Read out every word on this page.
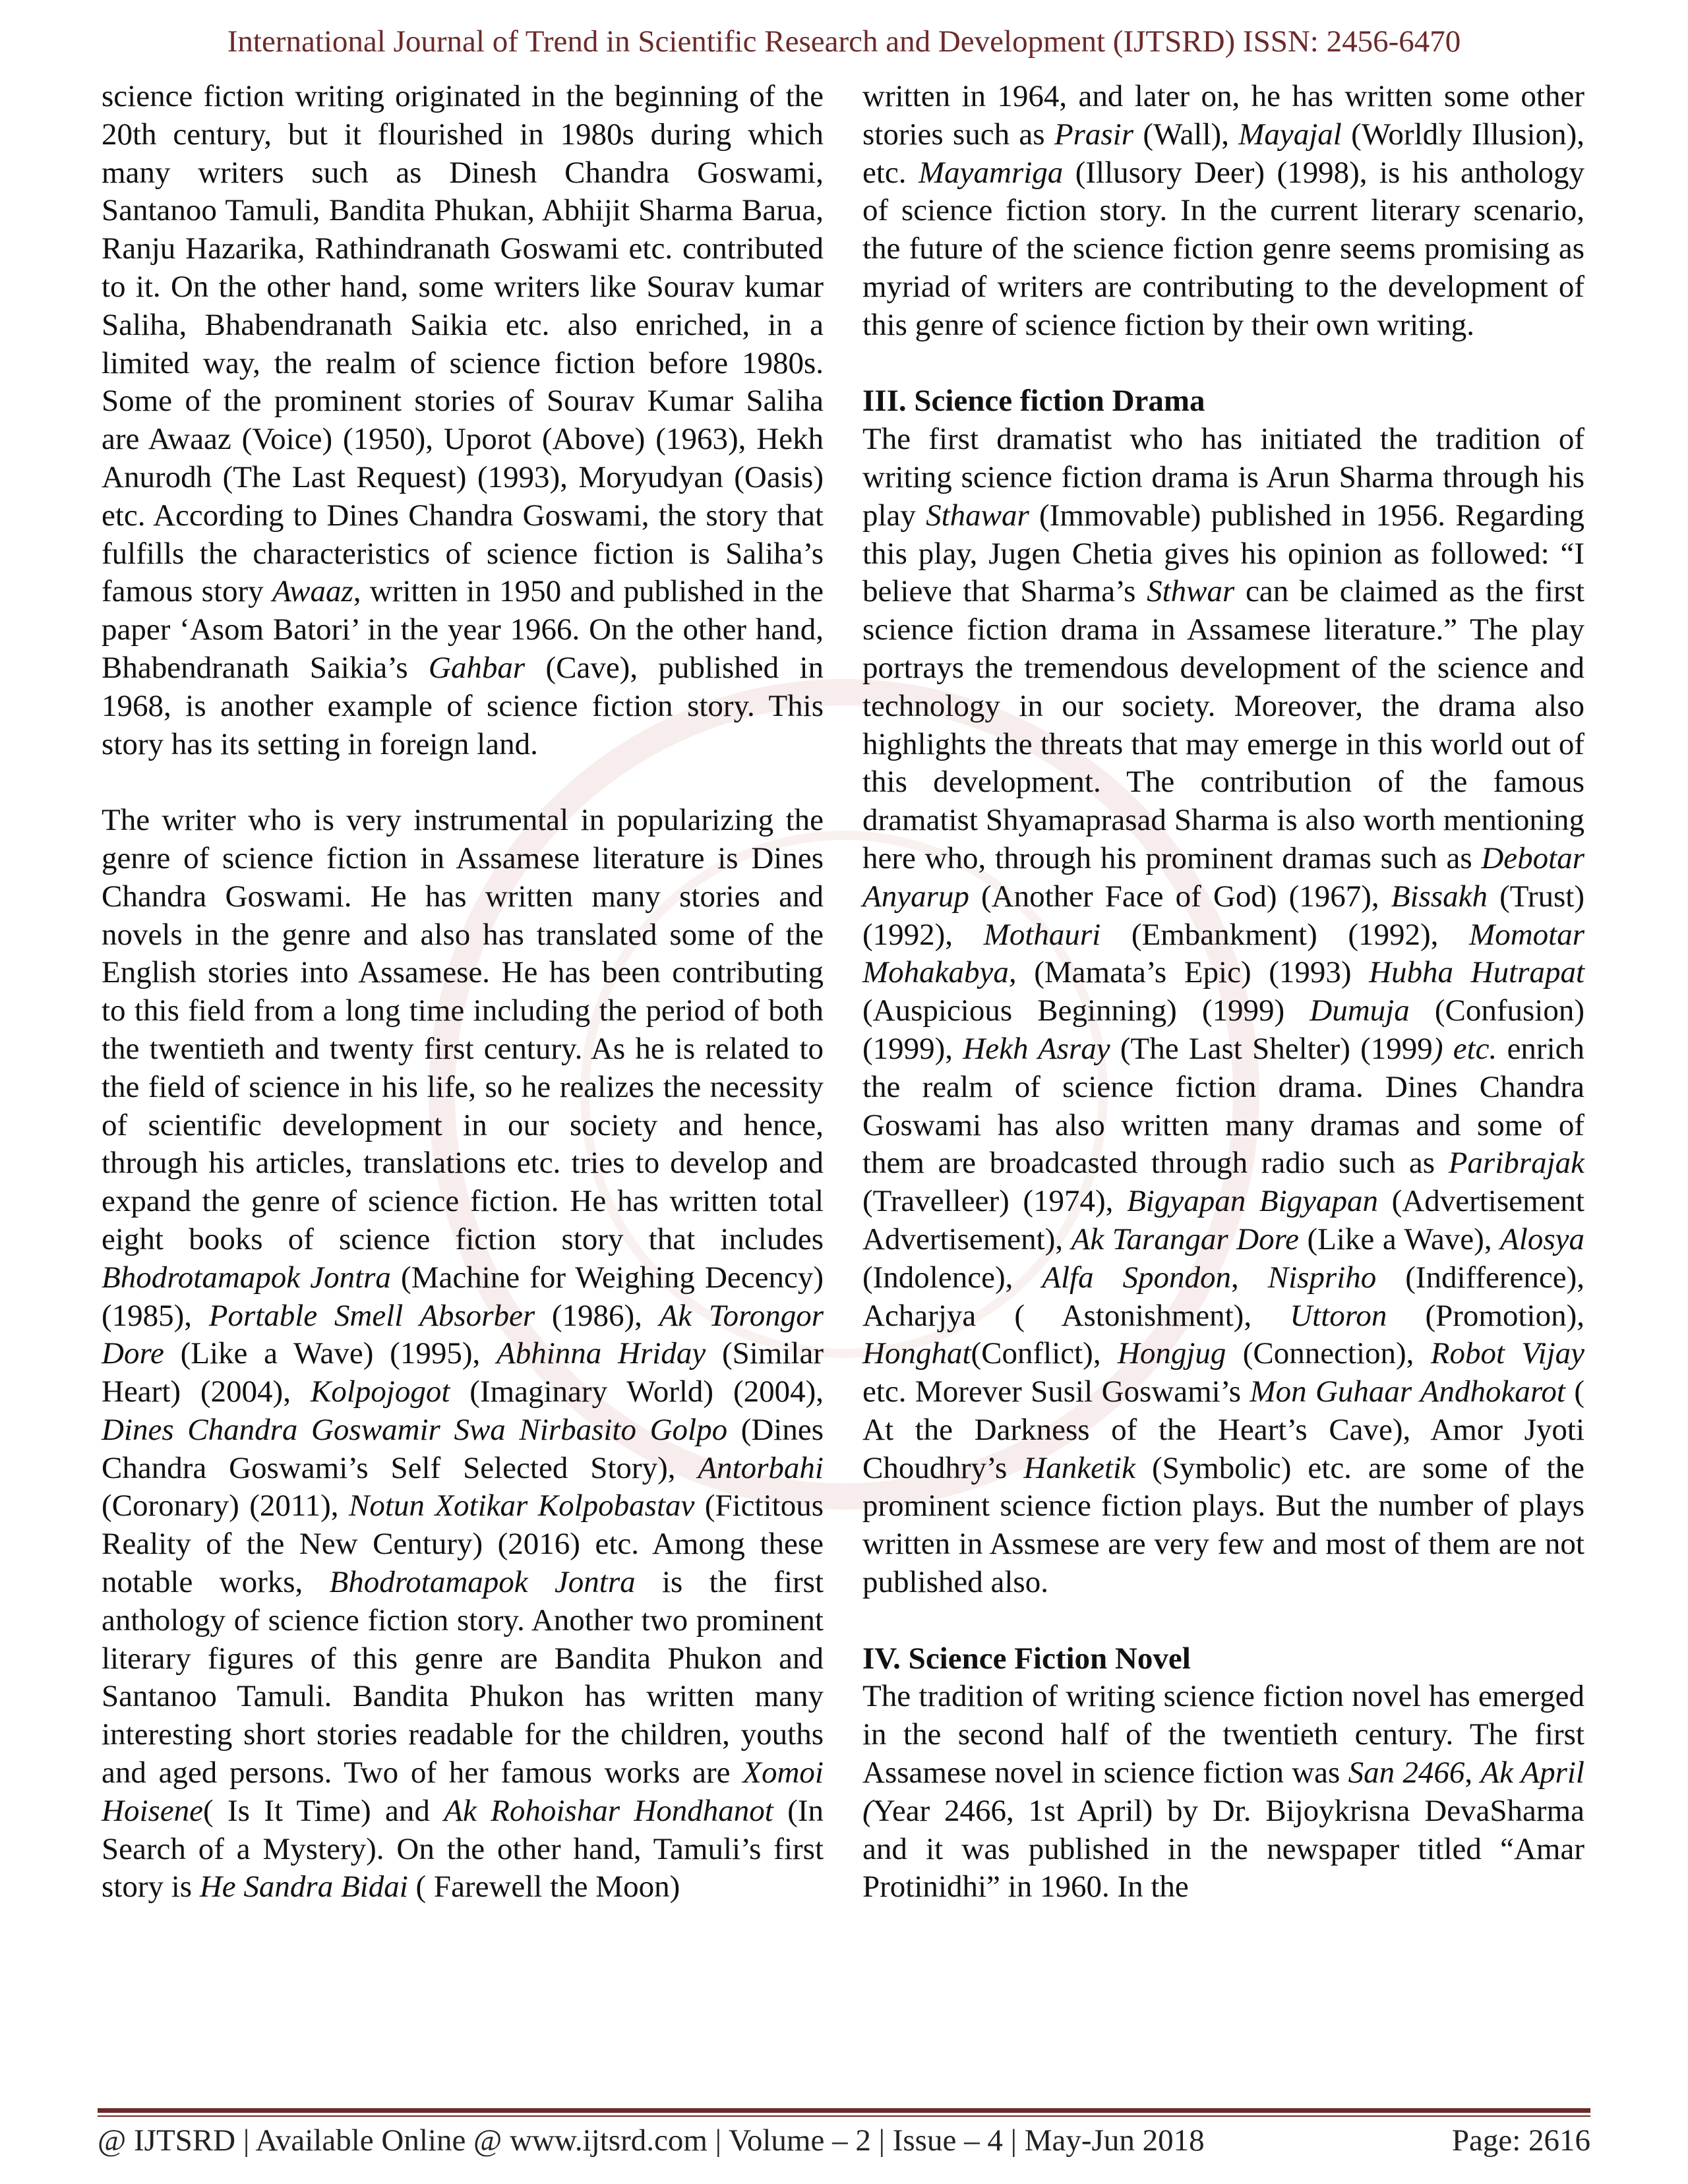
International Journal of Trend in Scientific Research and Development (IJTSRD) ISSN: 2456-6470

science fiction writing originated in the beginning of the 20th century, but it flourished in 1980s during which many writers such as Dinesh Chandra Goswami, Santanoo Tamuli, Bandita Phukan, Abhijit Sharma Barua, Ranju Hazarika, Rathindranath Goswami etc. contributed to it. On the other hand, some writers like Sourav kumar Saliha, Bhabendranath Saikia etc. also enriched, in a limited way, the realm of science fiction before 1980s. Some of the prominent stories of Sourav Kumar Saliha are Awaaz (Voice) (1950), Uporot (Above) (1963), Hekh Anurodh (The Last Request) (1993), Moryudyan (Oasis) etc. According to Dines Chandra Goswami, the story that fulfills the characteristics of science fiction is Saliha’s famous story Awaaz, written in 1950 and published in the paper ‘Asom Batori’ in the year 1966. On the other hand, Bhabendranath Saikia’s Gahbar (Cave), published in 1968, is another example of science fiction story. This story has its setting in foreign land.

The writer who is very instrumental in popularizing the genre of science fiction in Assamese literature is Dines Chandra Goswami. He has written many stories and novels in the genre and also has translated some of the English stories into Assamese. He has been contributing to this field from a long time including the period of both the twentieth and twenty first century. As he is related to the field of science in his life, so he realizes the necessity of scientific development in our society and hence, through his articles, translations etc. tries to develop and expand the genre of science fiction. He has written total eight books of science fiction story that includes Bhodrotamapok Jontra (Machine for Weighing Decency) (1985), Portable Smell Absorber (1986), Ak Torongor Dore (Like a Wave) (1995), Abhinna Hriday (Similar Heart) (2004), Kolpojogot (Imaginary World) (2004), Dines Chandra Goswamir Swa Nirbasito Golpo (Dines Chandra Goswami’s Self Selected Story), Antorbahi (Coronary) (2011), Notun Xotikar Kolpobastav (Fictitous Reality of the New Century) (2016) etc. Among these notable works, Bhodrotamapok Jontra is the first anthology of science fiction story. Another two prominent literary figures of this genre are Bandita Phukon and Santanoo Tamuli. Bandita Phukon has written many interesting short stories readable for the children, youths and aged persons. Two of her famous works are Xomoi Hoisene( Is It Time) and Ak Rohoishar Hondhanot (In Search of a Mystery). On the other hand, Tamuli’s first story is He Sandra Bidai ( Farewell the Moon)

written in 1964, and later on, he has written some other stories such as Prasir (Wall), Mayajal (Worldly Illusion), etc. Mayamriga (Illusory Deer) (1998), is his anthology of science fiction story. In the current literary scenario, the future of the science fiction genre seems promising as myriad of writers are contributing to the development of this genre of science fiction by their own writing.

III. Science fiction Drama

The first dramatist who has initiated the tradition of writing science fiction drama is Arun Sharma through his play Sthawar (Immovable) published in 1956. Regarding this play, Jugen Chetia gives his opinion as followed: “I believe that Sharma’s Sthwar can be claimed as the first science fiction drama in Assamese literature.” The play portrays the tremendous development of the science and technology in our society. Moreover, the drama also highlights the threats that may emerge in this world out of this development. The contribution of the famous dramatist Shyamaprasad Sharma is also worth mentioning here who, through his prominent dramas such as Debotar Anyarup (Another Face of God) (1967), Bissakh (Trust) (1992), Mothauri (Embankment) (1992), Momotar Mohakabya, (Mamata’s Epic) (1993) Hubha Hutrapat (Auspicious Beginning) (1999) Dumuja (Confusion) (1999), Hekh Asray (The Last Shelter) (1999) etc. enrich the realm of science fiction drama. Dines Chandra Goswami has also written many dramas and some of them are broadcasted through radio such as Paribrajak (Travelleer) (1974), Bigyapan Bigyapan (Advertisement Advertisement), Ak Tarangar Dore (Like a Wave), Alosya (Indolence), Alfa Spondon, Nispriho (Indifference), Acharjya ( Astonishment), Uttoron (Promotion), Honghat(Conflict), Hongjug (Connection), Robot Vijay etc. Morever Susil Goswami’s Mon Guhaar Andhokarot ( At the Darkness of the Heart’s Cave), Amor Jyoti Choudhry’s Hanketik (Symbolic) etc. are some of the prominent science fiction plays. But the number of plays written in Assmese are very few and most of them are not published also.

IV. Science Fiction Novel

The tradition of writing science fiction novel has emerged in the second half of the twentieth century. The first Assamese novel in science fiction was San 2466, Ak April (Year 2466, 1st April) by Dr. Bijoykrisna DevaSharma and it was published in the newspaper titled “Amar Protinidhi” in 1960. In the

@ IJTSRD | Available Online @ www.ijtsrd.com | Volume – 2 | Issue – 4 | May-Jun 2018	Page: 2616
